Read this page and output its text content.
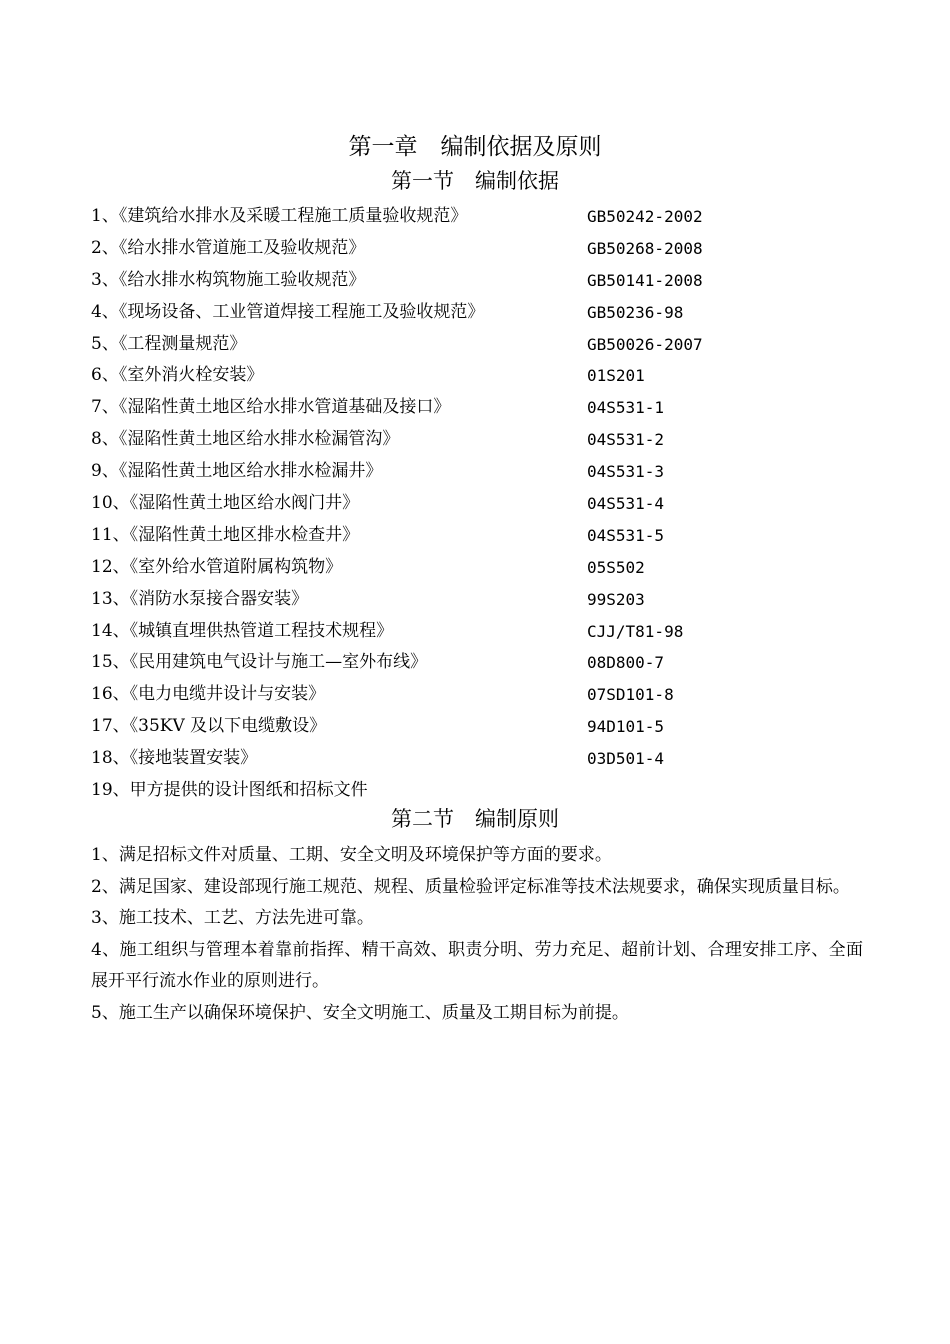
第一章　编制依据及原则
第一节　编制依据
1、《建筑给水排水及采暖工程施工质量验收规范》	GB50242-2002
2、《给水排水管道施工及验收规范》	GB50268-2008
3、《给水排水构筑物施工验收规范》	GB50141-2008
4、《现场设备、工业管道焊接工程施工及验收规范》	GB50236-98
5、《工程测量规范》	GB50026-2007
6、《室外消火栓安装》	01S201
7、《湿陷性黄土地区给水排水管道基础及接口》	04S531-1
8、《湿陷性黄土地区给水排水检漏管沟》	04S531-2
9、《湿陷性黄土地区给水排水检漏井》	04S531-3
10、《湿陷性黄土地区给水阀门井》	04S531-4
11、《湿陷性黄土地区排水检查井》	04S531-5
12、《室外给水管道附属构筑物》	05S502
13、《消防水泵接合器安装》	99S203
14、《城镇直埋供热管道工程技术规程》	CJJ/T81-98
15、《民用建筑电气设计与施工—室外布线》	08D800-7
16、《电力电缆井设计与安装》	07SD101-8
17、《35KV 及以下电缆敷设》	94D101-5
18、《接地装置安装》	03D501-4
19、甲方提供的设计图纸和招标文件
第二节　编制原则

1、满足招标文件对质量、工期、安全文明及环境保护等方面的要求。

2、满足国家、建设部现行施工规范、规程、质量检验评定标准等技术法规要求，确保实现质量目标。

3、施工技术、工艺、方法先进可靠。

4、施工组织与管理本着靠前指挥、精干高效、职责分明、劳力充足、超前计划、合理安排工序、全面展开平行流水作业的原则进行。

5、施工生产以确保环境保护、安全文明施工、质量及工期目标为前提。
